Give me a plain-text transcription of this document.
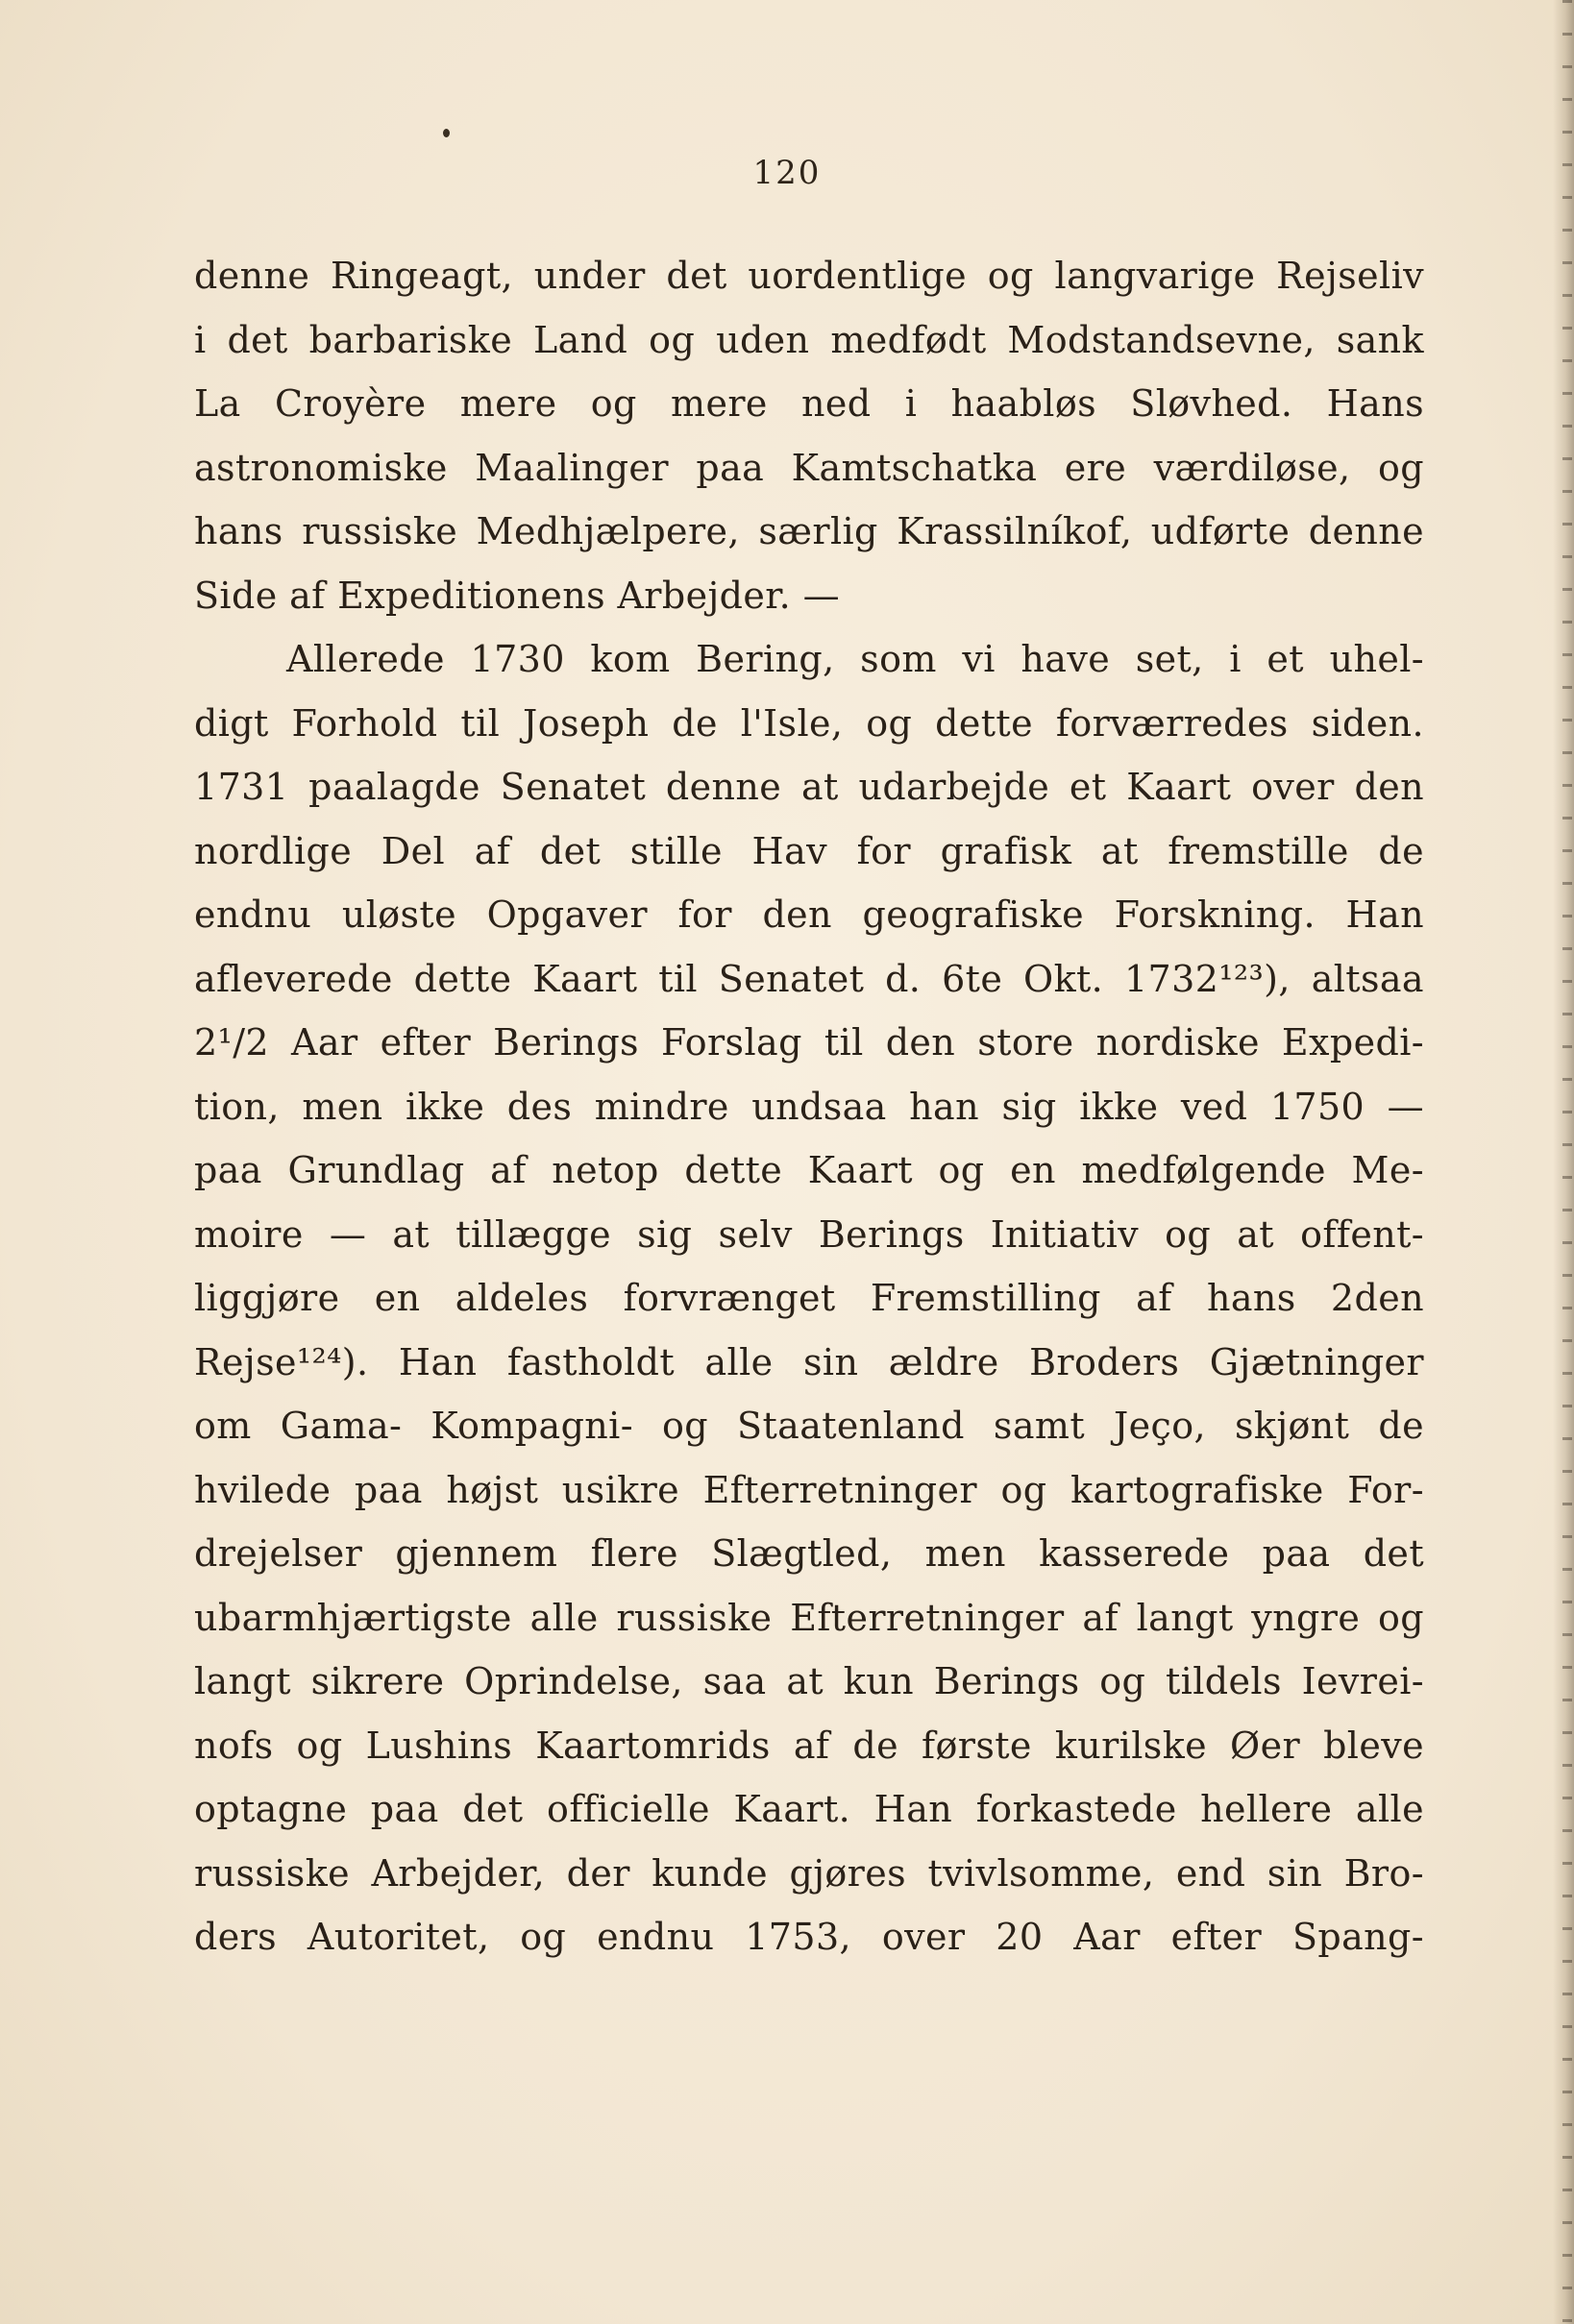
120
denne Ringeagt, under det uordentlige og langvarige Rejseliv
i det barbariske Land og uden medfødt Modstandsevne, sank
La Croyère mere og mere ned i haabløs Sløvhed. Hans
astronomiske Maalinger paa Kamtschatka ere værdiløse, og
hans russiske Medhjælpere, særlig Krassilníkof, udførte denne
Side af Expeditionens Arbejder. —
Allerede 1730 kom Bering, som vi have set, i et uhel-
digt Forhold til Joseph de l'Isle, og dette forværredes siden.
1731 paalagde Senatet denne at udarbejde et Kaart over den
nordlige Del af det stille Hav for grafisk at fremstille de
endnu uløste Opgaver for den geografiske Forskning. Han
afleverede dette Kaart til Senatet d. 6te Okt. 1732¹²³), altsaa
2¹/2 Aar efter Berings Forslag til den store nordiske Expedi-
tion, men ikke des mindre undsaa han sig ikke ved 1750 —
paa Grundlag af netop dette Kaart og en medfølgende Me-
moire — at tillægge sig selv Berings Initiativ og at offent-
liggjøre en aldeles forvrænget Fremstilling af hans 2den
Rejse¹²⁴). Han fastholdt alle sin ældre Broders Gjætninger
om Gama- Kompagni- og Staatenland samt Jeço, skjønt de
hvilede paa højst usikre Efterretninger og kartografiske For-
drejelser gjennem flere Slægtled, men kasserede paa det
ubarmhjærtigste alle russiske Efterretninger af langt yngre og
langt sikrere Oprindelse, saa at kun Berings og tildels Ievrei-
nofs og Lushins Kaartomrids af de første kurilske Øer bleve
optagne paa det officielle Kaart. Han forkastede hellere alle
russiske Arbejder, der kunde gjøres tvivlsomme, end sin Bro-
ders Autoritet, og endnu 1753, over 20 Aar efter Spang-
